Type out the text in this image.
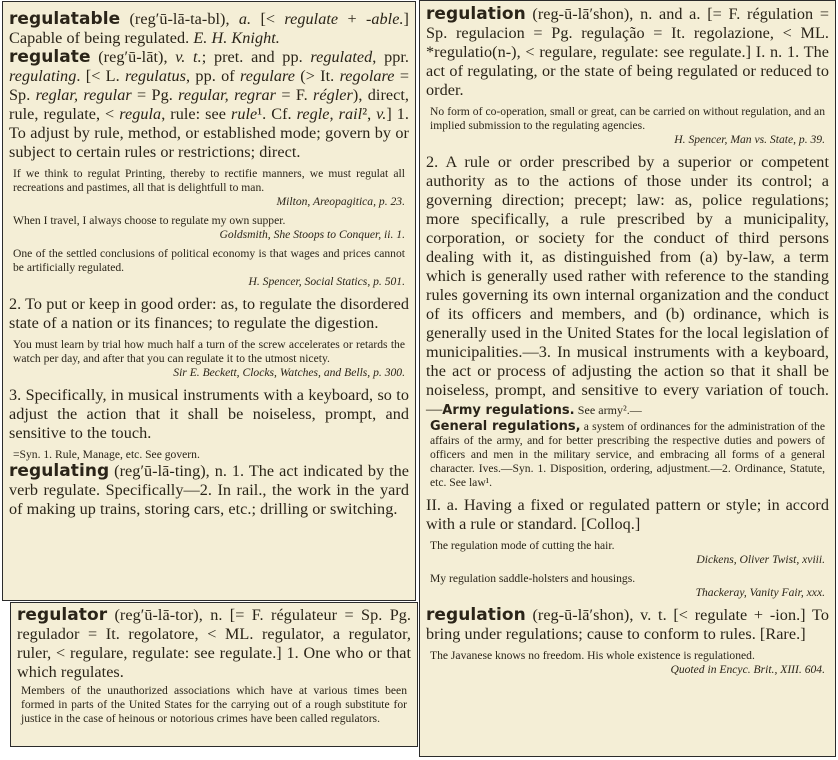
regulatable (reg′ū-lā-ta-bl), a. [< regulate + -able.] Capable of being regulated. E. H. Knight.

regulate (reg′ū-lāt), v. t.; pret. and pp. regulated, ppr. regulating. [< L. regulatus, pp. of regulare (> It. regolare = Sp. reglar, regular = Pg. regular, regrar = F. régler), direct, rule, regulate, < regula, rule: see rule¹. Cf. regle, rail², v.] 1. To adjust by rule, method, or established mode; govern by or subject to certain rules or restrictions; direct.

If we think to regulat Printing, thereby to rectifie manners, we must regulat all recreations and pastimes, all that is delightfull to man.
Milton, Areopagitica, p. 23.
When I travel, I always choose to regulate my own supper.
Goldsmith, She Stoops to Conquer, ii. 1.
One of the settled conclusions of political economy is that wages and prices cannot be artificially regulated.
H. Spencer, Social Statics, p. 501.

2. To put or keep in good order: as, to regulate the disordered state of a nation or its finances; to regulate the digestion.

You must learn by trial how much half a turn of the screw accelerates or retards the watch per day, and after that you can regulate it to the utmost nicety.
Sir E. Beckett, Clocks, Watches, and Bells, p. 300.

3. Specifically, in musical instruments with a keyboard, so to adjust the action that it shall be noiseless, prompt, and sensitive to the touch.

=Syn. 1. Rule, Manage, etc. See govern.

regulating (reg′ū-lā-ting), n. 1. The act indicated by the verb regulate. Specifically—2. In rail., the work in the yard of making up trains, storing cars, etc.; drilling or switching.

regulator (reg′ū-lā-tor), n. [= F. régulateur = Sp. Pg. regulador = It. regolatore, < ML. regulator, a regulator, ruler, < regulare, regulate: see regulate.] 1. One who or that which regulates.

Members of the unauthorized associations which have at various times been formed in parts of the United States for the carrying out of a rough substitute for justice in the case of heinous or notorious crimes have been called regulators.

regulation (reg-ū-lā′shon), n. and a. [= F. régulation = Sp. regulacion = Pg. regulação = It. regolazione, < ML. *regulatio(n-), < regulare, regulate: see regulate.] I. n. 1. The act of regulating, or the state of being regulated or reduced to order.

No form of co-operation, small or great, can be carried on without regulation, and an implied submission to the regulating agencies.
H. Spencer, Man vs. State, p. 39.

2. A rule or order prescribed by a superior or competent authority as to the actions of those under its control; a governing direction; precept; law: as, police regulations; more specifically, a rule prescribed by a municipality, corporation, or society for the conduct of third persons dealing with it, as distinguished from (a) by-law, a term which is generally used rather with reference to the standing rules governing its own internal organization and the conduct of its officers and members, and (b) ordinance, which is generally used in the United States for the local legislation of municipalities.—3. In musical instruments with a keyboard, the act or process of adjusting the action so that it shall be noiseless, prompt, and sensitive to every variation of touch.—Army regulations. See army².—

General regulations, a system of ordinances for the administration of the affairs of the army, and for better prescribing the respective duties and powers of officers and men in the military service, and embracing all forms of a general character. Ives.—Syn. 1. Disposition, ordering, adjustment.—2. Ordinance, Statute, etc. See law¹.

II. a. Having a fixed or regulated pattern or style; in accord with a rule or standard. [Colloq.]

The regulation mode of cutting the hair.
Dickens, Oliver Twist, xviii.
My regulation saddle-holsters and housings.
Thackeray, Vanity Fair, xxx.

regulation (reg-ū-lā′shon), v. t. [< regulate + -ion.] To bring under regulations; cause to conform to rules. [Rare.]

The Javanese knows no freedom. His whole existence is regulationed.
Quoted in Encyc. Brit., XIII. 604.
